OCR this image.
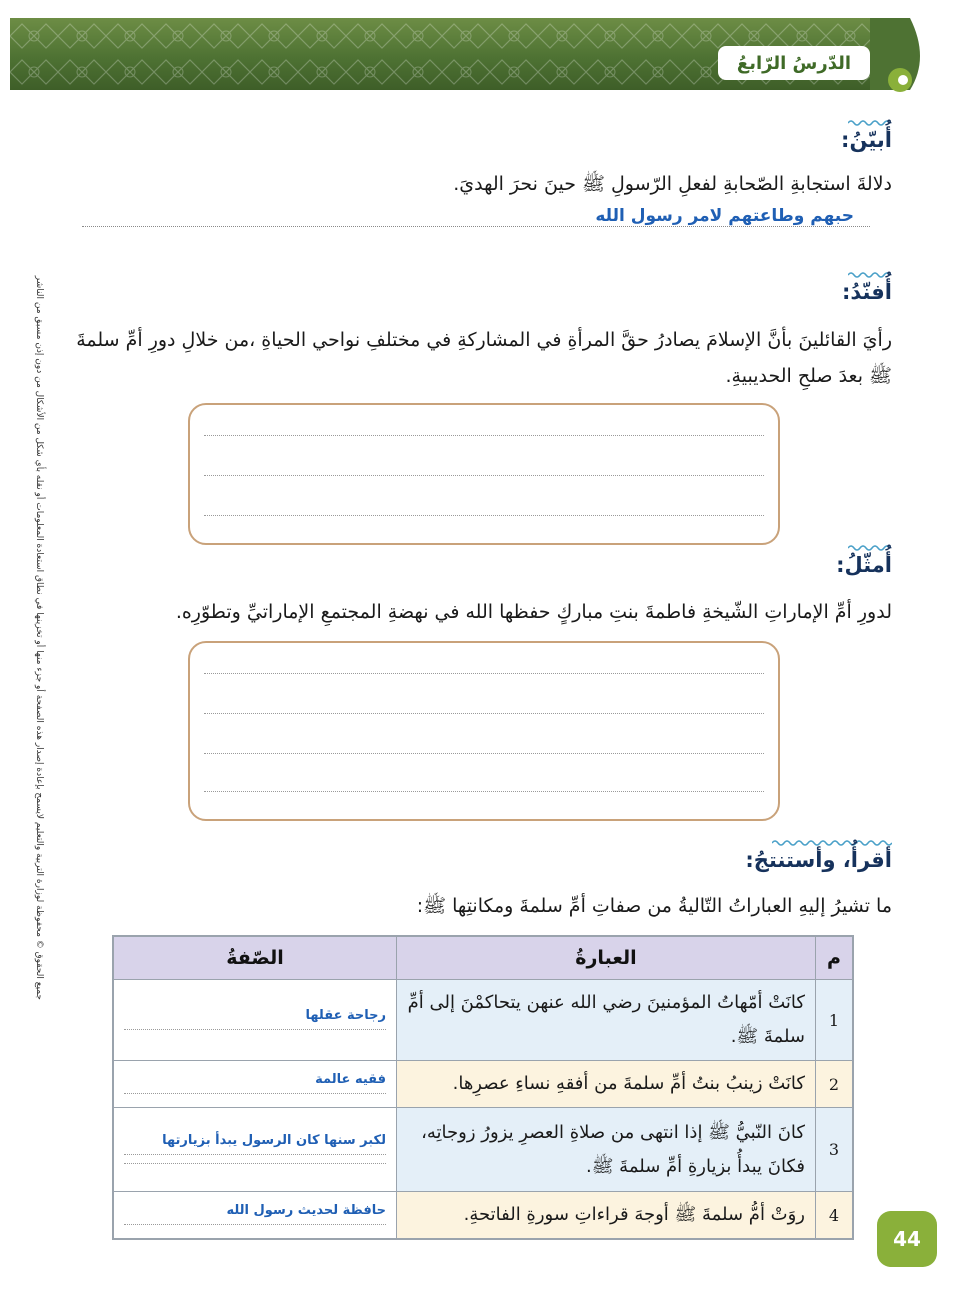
الدّرسُ الرّابعُ
جميع الحقوق © محفوظة لوزارة التربية والتعليم لايسمح بإعادة إصدار هذه الصفحة أو جزء منها أو تخزينها في نطاق استعادة المعلومات أو نقله بأي شكل من الأشكال من دون إذن مسبق من الناشر
أُبيّنُ:
دلالةَ استجابةِ الصّحابةِ لفعلِ الرّسولِ ﷺ حينَ نحرَ الهديَ.
حبهم وطاعتهم لامر رسول الله
أُفنّدُ:
رأيَ القائلينَ بأنَّ الإسلامَ يصادرُ حقَّ المرأةِ في المشاركةِ في مختلفِ نواحي الحياةِ ،من خلالِ دورِ أمِّ سلمةَ ﷺ بعدَ صلحِ الحديبيةِ.
أُمثّلُ:
لدورِ أمِّ الإماراتِ الشّيخةِ فاطمةَ بنتِ مباركٍ حفظها الله في نهضةِ المجتمعِ الإماراتيِّ وتطوّرِه.
أقرأُ، وأستنتجُ:
ما تشيرُ إليهِ العباراتُ التّاليةُ من صفاتِ أمِّ سلمةَ ومكانتِها ﷺ:
م	العبارةُ	الصّفةُ
1	كانَتْ أمّهاتُ المؤمنينَ رضي الله عنهن يتحاكمْنَ إلى أمِّ سلمةَ ﷺ.	رجاحة عقلها

2	كانَتْ زينبُ بنتُ أمِّ سلمةَ من أفقهِ نساءِ عصرِها.	فقيه عالمة

3	كانَ النّبيُّ ﷺ إذا انتهى من صلاةِ العصرِ يزورُ زوجاتِه، فكانَ يبدأُ بزيارةِ أمِّ سلمةَ ﷺ.	لكبر سنها كان الرسول يبدأ بزيارتها

4	روَتْ أمُّ سلمةَ ﷺ أوجهَ قراءاتِ سورةِ الفاتحةِ.	حافظة لحديث رسول الله
44
